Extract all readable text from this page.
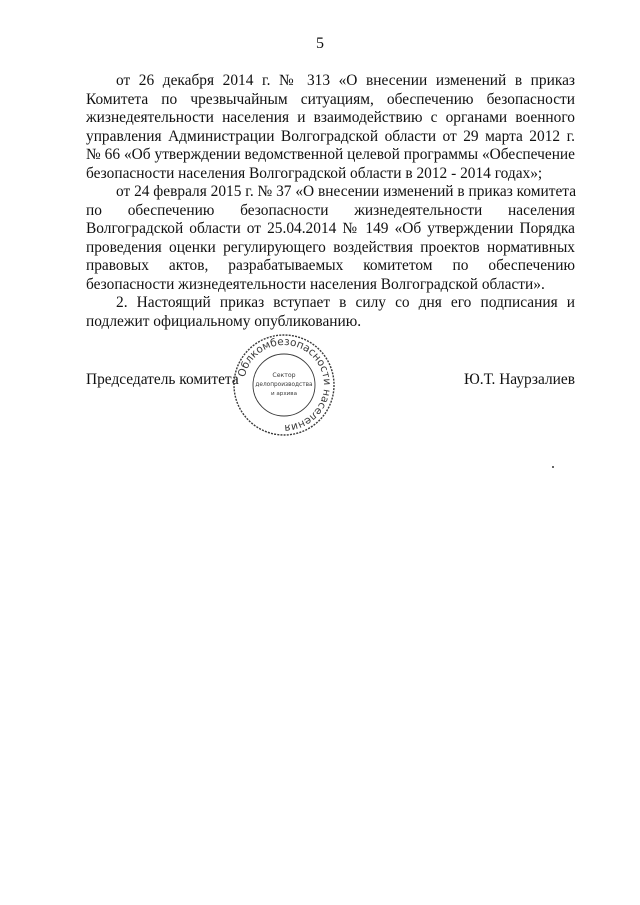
5
от 26 декабря 2014 г. № 313 «О внесении изменений в приказ
Комитета по чрезвычайным ситуациям, обеспечению безопасности
жизнедеятельности населения и взаимодействию с органами военного
управления Администрации Волгоградской области от 29 марта 2012 г.
№ 66 «Об утверждении ведомственной целевой программы «Обеспечение
безопасности населения Волгоградской области в 2012 - 2014 годах»;
от 24 февраля 2015 г. № 37 «О внесении изменений в приказ комитета
по обеспечению безопасности жизнедеятельности населения
Волгоградской области от 25.04.2014 № 149 «Об утверждении Порядка
проведения оценки регулирующего воздействия проектов нормативных
правовых актов, разрабатываемых комитетом по обеспечению
безопасности жизнедеятельности населения Волгоградской области».
2. Настоящий приказ вступает в силу со дня его подписания и
подлежит официальному опубликованию.
Председатель комитета	Ю.Т. Наурзалиев
Облкомбезопасности населения
Сектор
делопроизводства
и архива
